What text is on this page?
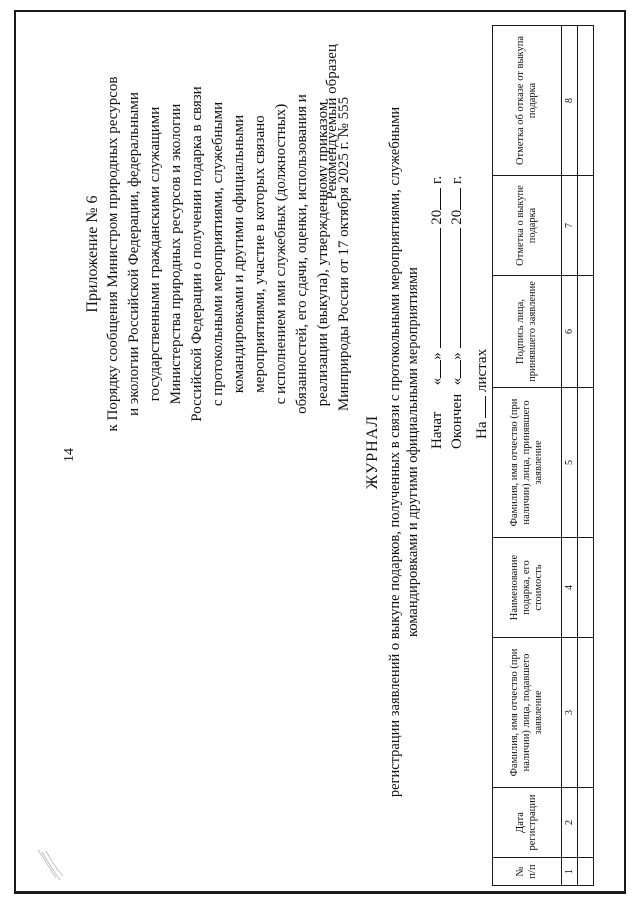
14
Приложение № 6 к Порядку сообщения Министром природных ресурсов и экологии Российской Федерации, федеральными государственными гражданскими служащими Министерства природных ресурсов и экологии Российской Федерации о получении подарка в связи с протокольными мероприятиями, служебными командировками и другими официальными мероприятиями, участие в которых связано с исполнением ими служебных (должностных) обязанностей, его сдачи, оценки, использования и реализации (выкупа), утвержденному приказом Минприроды России от 17 октября 2025 г. № 555
Рекомендуемый образец
ЖУРНАЛ регистрации заявлений о выкупе подарков, полученных в связи с протокольными мероприятиями, служебными командировками и другими официальными мероприятиями Начат «»  20 г.
Окончен «»  20 г.
На  листах
№ п/п	Дата регистрации	Фамилия, имя отчество (при наличии) лица, подавшего заявление	Наименование подарка, его стоимость	Фамилия, имя отчество (при наличии) лица, принявшего заявление	Подпись лица, принявшего заявление	Отметка о выкупе подарка	Отметка об отказе от выкупа подарка
1	2	3	4	5	6	7	8
